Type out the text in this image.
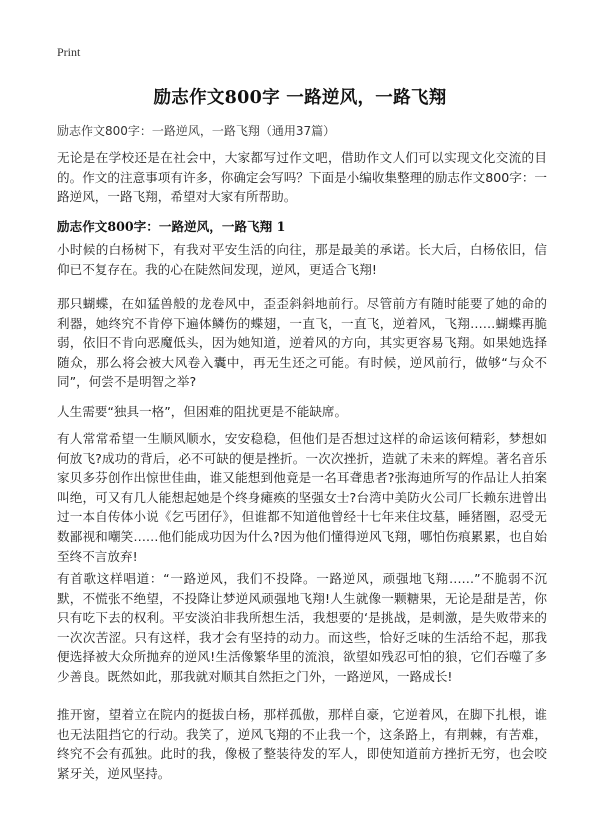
Print
励志作文800字 一路逆风，一路飞翔
励志作文800字：一路逆风，一路飞翔（通用37篇）
无论是在学校还是在社会中，大家都写过作文吧，借助作文人们可以实现文化交流的目的。作文的注意事项有许多，你确定会写吗？下面是小编收集整理的励志作文800字：一路逆风，一路飞翔，希望对大家有所帮助。
励志作文800字：一路逆风，一路飞翔 1
小时候的白杨树下，有我对平安生活的向往，那是最美的承诺。长大后，白杨依旧，信仰已不复存在。我的心在陡然间发现，逆风，更适合飞翔!
那只蝴蝶，在如猛兽般的龙卷风中，歪歪斜斜地前行。尽管前方有随时能要了她的命的利器，她终究不肯停下遍体鳞伤的蝶翅，一直飞，一直飞，逆着风，飞翔……蝴蝶再脆弱，依旧不肯向恶魔低头，因为她知道，逆着风的方向，其实更容易飞翔。如果她选择随众，那么将会被大风卷入囊中，再无生还之可能。有时候，逆风前行，做够“与众不同”，何尝不是明智之举?
人生需要“独具一格”，但困难的阻扰更是不能缺席。
有人常常希望一生顺风顺水，安安稳稳，但他们是否想过这样的命运该何精彩，梦想如何放飞?成功的背后，必不可缺的便是挫折。一次次挫折，造就了未来的辉煌。著名音乐家贝多芬创作出惊世佳曲，谁又能想到他竟是一名耳聋患者?张海迪所写的作品让人拍案叫绝，可又有几人能想起她是个终身瘫痪的坚强女士?台湾中美防火公司厂长赖东进曾出过一本自传体小说《乞丐团仔》，但谁都不知道他曾经十七年来住坟墓，睡猪圈，忍受无数鄙视和嘲笑……他们能成功因为什么?因为他们懂得逆风飞翔，哪怕伤痕累累，也自始至终不言放弃!
有首歌这样唱道：“一路逆风，我们不投降。一路逆风，顽强地飞翔……”不脆弱不沉默，不慌张不绝望，不投降让梦逆风顽强地飞翔!人生就像一颗糖果，无论是甜是苦，你只有吃下去的权利。平安淡泊非我所想生活，我想要的‘是挑战，是刺激，是失败带来的一次次苦涩。只有这样，我才会有坚持的动力。而这些，恰好乏味的生活给不起，那我便选择被大众所抛弃的逆风!生活像繁华里的流浪，欲望如残忍可怕的狼，它们吞噬了多少善良。既然如此，那我就对顺其自然拒之门外，一路逆风，一路成长!
推开窗，望着立在院内的挺拔白杨，那样孤傲，那样自豪，它逆着风，在脚下扎根，谁也无法阻挡它的行动。我笑了，逆风飞翔的不止我一个，这条路上，有荆棘，有苦难，终究不会有孤独。此时的我，像极了整装待发的军人，即使知道前方挫折无穷，也会咬紧牙关，逆风坚持。
